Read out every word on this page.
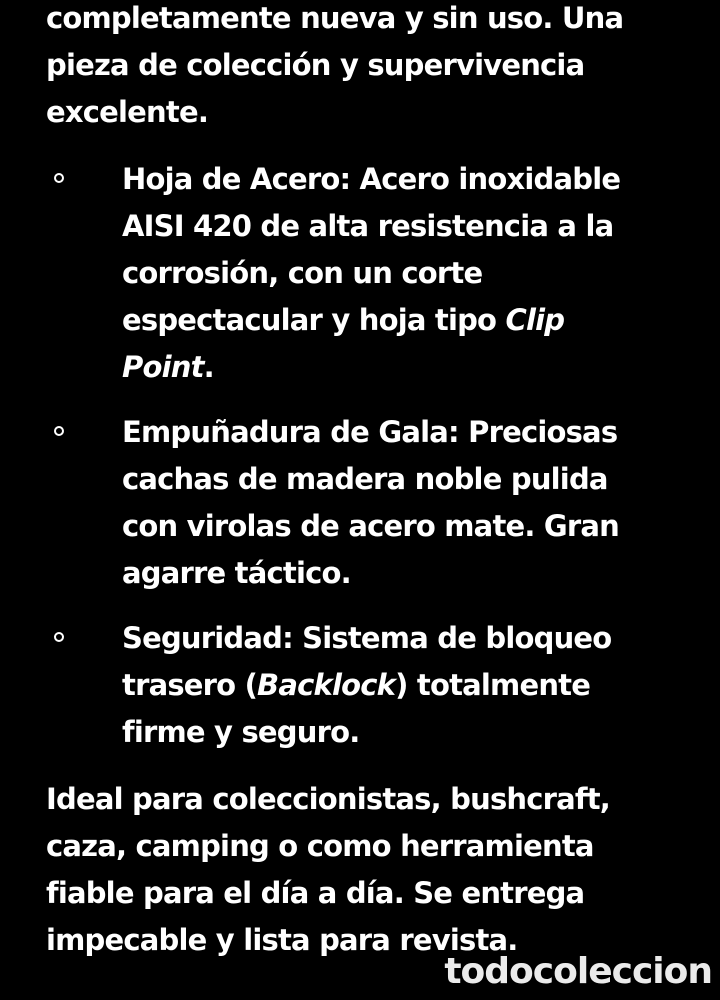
completamente nueva y sin uso. Una
pieza de colección y supervivencia
excelente.

Hoja de Acero: Acero inoxidable
AISI 420 de alta resistencia a la
corrosión, con un corte
espectacular y hoja tipo Clip
Point.
Empuñadura de Gala: Preciosas
cachas de madera noble pulida
con virolas de acero mate. Gran
agarre táctico.
Seguridad: Sistema de bloqueo
trasero (Backlock) totalmente
firme y seguro.

Ideal para coleccionistas, bushcraft,
caza, camping o como herramienta
fiable para el día a día. Se entrega
impecable y lista para revista.

todocoleccion
